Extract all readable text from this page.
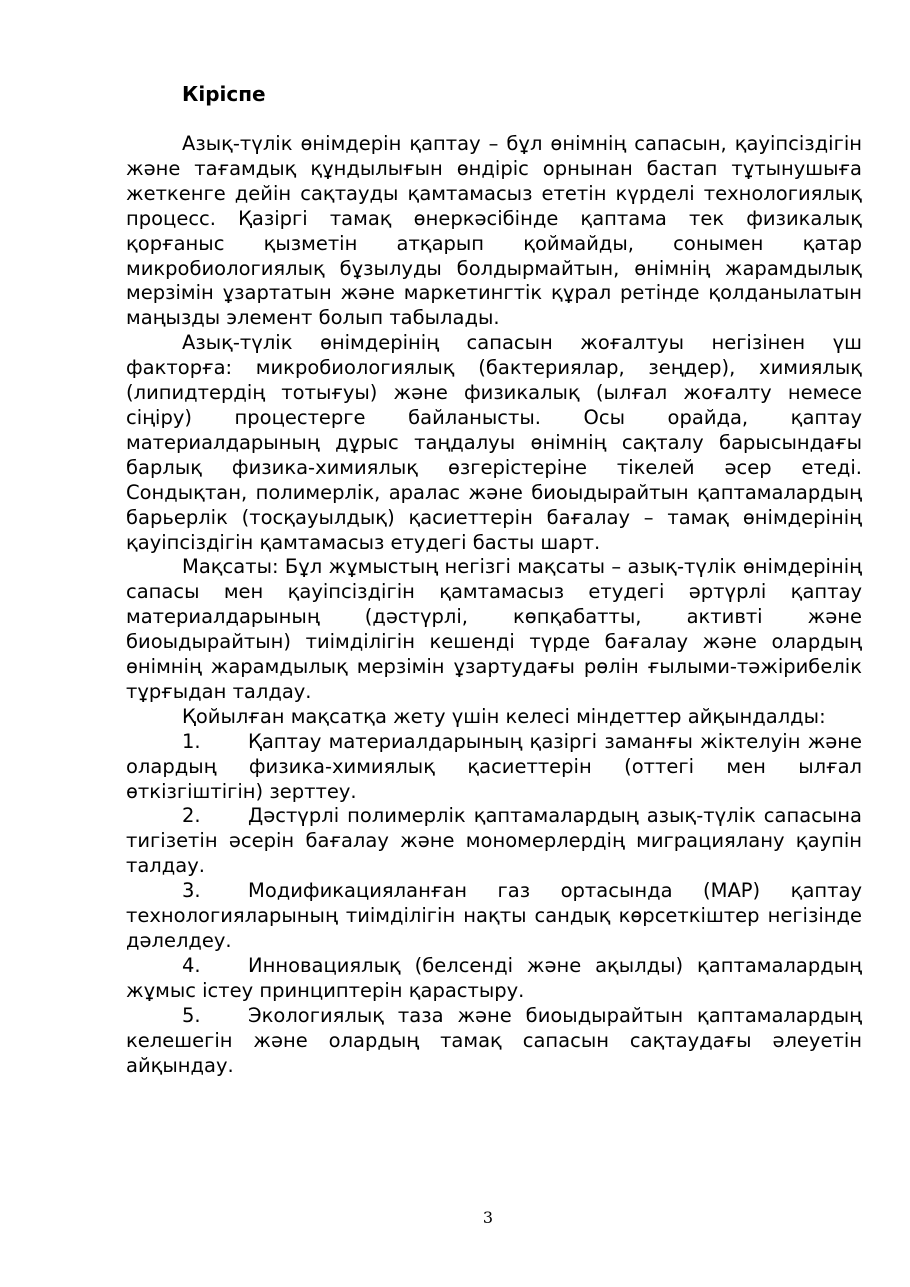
Кіріспе

Азық-түлік өнімдерін қаптау – бұл өнімнің сапасын, қауіпсіздігін және тағамдық құндылығын өндіріс орнынан бастап тұтынушыға жеткенге дейін сақтауды қамтамасыз ететін күрделі технологиялық процесс. Қазіргі тамақ өнеркәсібінде қаптама тек физикалық қорғаныс қызметін атқарып қоймайды, сонымен қатар микробиологиялық бұзылуды болдырмайтын, өнімнің жарамдылық мерзімін ұзартатын және маркетингтік құрал ретінде қолданылатын маңызды элемент болып табылады.

Азық-түлік өнімдерінің сапасын жоғалтуы негізінен үш факторға: микробиологиялық (бактериялар, зеңдер), химиялық (липидтердің тотығуы) және физикалық (ылғал жоғалту немесе сіңіру) процестерге байланысты. Осы орайда, қаптау материалдарының дұрыс таңдалуы өнімнің сақталу барысындағы барлық физика-химиялық өзгерістеріне тікелей әсер етеді. Сондықтан, полимерлік, аралас және биоыдырайтын қаптамалардың барьерлік (тосқауылдық) қасиеттерін бағалау – тамақ өнімдерінің қауіпсіздігін қамтамасыз етудегі басты шарт.

Мақсаты: Бұл жұмыстың негізгі мақсаты – азық-түлік өнімдерінің сапасы мен қауіпсіздігін қамтамасыз етудегі әртүрлі қаптау материалдарының (дәстүрлі, көпқабатты, активті және биоыдырайтын) тиімділігін кешенді түрде бағалау және олардың өнімнің жарамдылық мерзімін ұзартудағы рөлін ғылыми-тәжірибелік тұрғыдан талдау.

Қойылған мақсатқа жету үшін келесі міндеттер айқындалды:

1. Қаптау материалдарының қазіргі заманғы жіктелуін және олардың физика-химиялық қасиеттерін (оттегі мен ылғал өткізгіштігін) зерттеу.

2. Дәстүрлі полимерлік қаптамалардың азық-түлік сапасына тигізетін әсерін бағалау және мономерлердің миграциялану қаупін талдау.

3. Модификацияланған газ ортасында (МАР) қаптау технологияларының тиімділігін нақты сандық көрсеткіштер негізінде дәлелдеу.

4. Инновациялық (белсенді және ақылды) қаптамалардың жұмыс істеу принциптерін қарастыру.

5. Экологиялық таза және биоыдырайтын қаптамалардың келешегін және олардың тамақ сапасын сақтаудағы әлеуетін айқындау.

3
